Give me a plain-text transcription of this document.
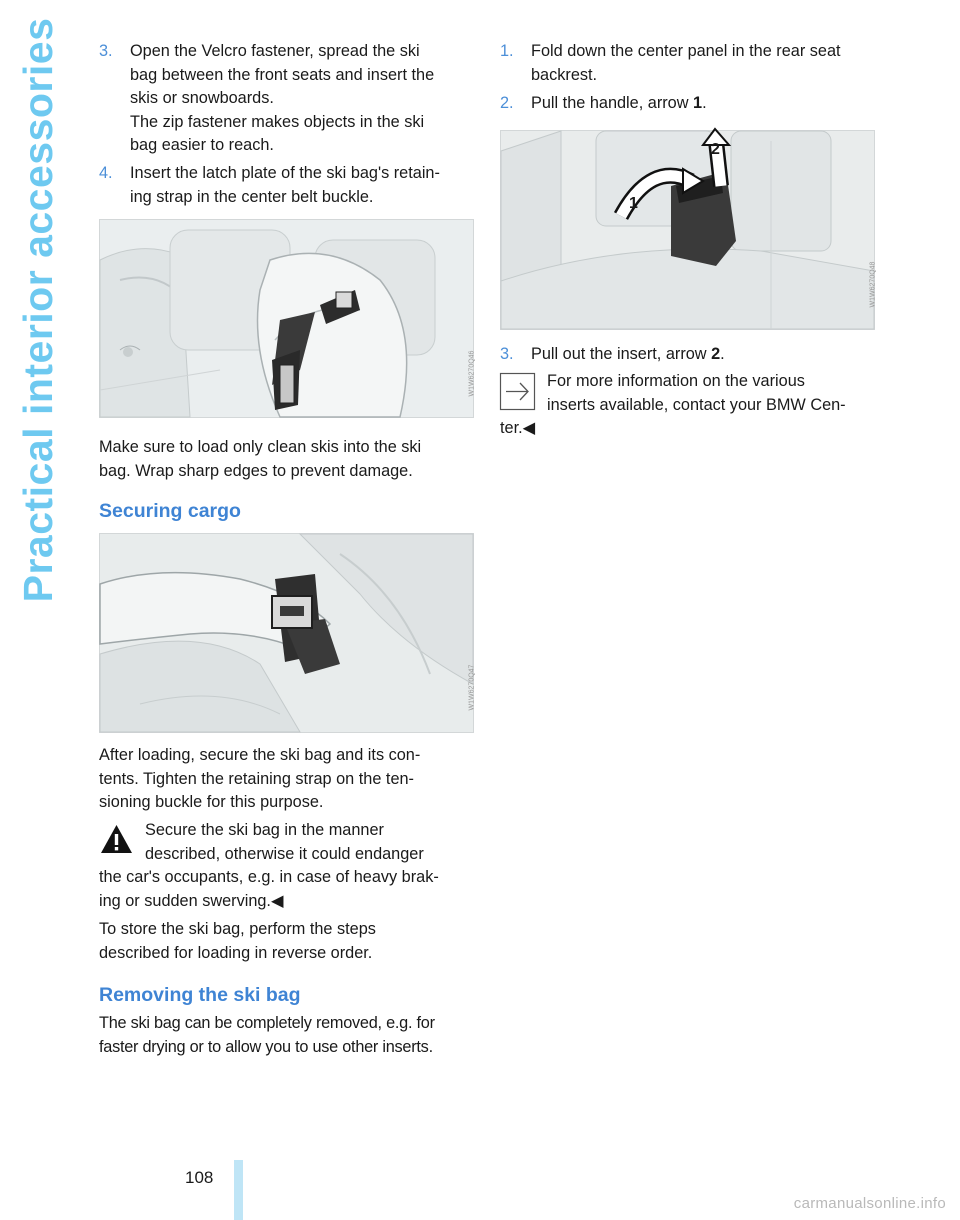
Practical interior accessories	3. Open the Velcro fastener, spread the ski
bag between the front seats and insert the
skis or snowboards.
The zip fastener makes objects in the ski
bag easier to reach.
4. Insert the latch plate of the ski bag's retain-
ing strap in the center belt buckle.
W1W6270Q46

Make sure to load only clean skis into the ski

bag. Wrap sharp edges to prevent damage.

Securing cargo
W1W6270Q47

After loading, secure the ski bag and its con-

tents. Tighten the retaining strap on the ten-

sioning buckle for this purpose.

Secure the ski bag in the manner

described, otherwise it could endanger

the car's occupants, e.g. in case of heavy brak-

ing or sudden swerving.◀

To store the ski bag, perform the steps

described for loading in reverse order.

Removing the ski bag

The ski bag can be completely removed, e.g. for

faster drying or to allow you to use other inserts.

1. Fold down the center panel in the rear seat
backrest.
2. Pull the handle, arrow 1.
1
2
W1W6270Q48
3. Pull out the insert, arrow 2.

For more information on the various

inserts available, contact your BMW Cen-

ter.◀

108
carmanualsonline.info
